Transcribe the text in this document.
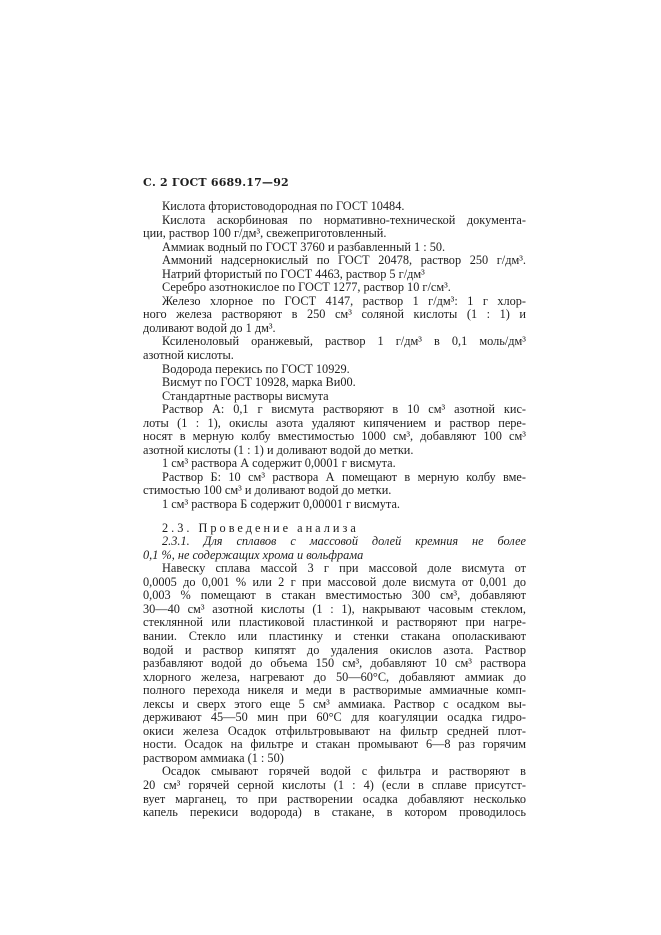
С. 2 ГОСТ 6689.17—92
Кислота фтористоводородная по ГОСТ 10484.
Кислота аскорбиновая по нормативно-технической документа-
ции, раствор 100 г/дм³, свежеприготовленный.
Аммиак водный по ГОСТ 3760 и разбавленный 1 : 50.
Аммоний надсернокислый по ГОСТ 20478, раствор 250 г/дм³.
Натрий фтористый по ГОСТ 4463, раствор 5 г/дм³
Серебро азотнокислое по ГОСТ 1277, раствор 10 г/см³.
Железо хлорное по ГОСТ 4147, раствор 1 г/дм³: 1 г хлор-
ного железа растворяют в 250 см³ соляной кислоты (1 : 1) и
доливают водой до 1 дм³.
Ксиленоловый оранжевый, раствор 1 г/дм³ в 0,1 моль/дм³
азотной кислоты.
Водорода перекись по ГОСТ 10929.
Висмут по ГОСТ 10928, марка Ви00.
Стандартные растворы висмута
Раствор А: 0,1 г висмута растворяют в 10 см³ азотной кис-
лоты (1 : 1), окислы азота удаляют кипячением и раствор пере-
носят в мерную колбу вместимостью 1000 см³, добавляют 100 см³
азотной кислоты (1 : 1) и доливают водой до метки.
1 см³ раствора А содержит 0,0001 г висмута.
Раствор Б: 10 см³ раствора А помещают в мерную колбу вме-
стимостью 100 см³ и доливают водой до метки.
1 см³ раствора Б содержит 0,00001 г висмута.
2.3. Проведение анализа
2.3.1. Для сплавов с массовой долей кремния не более
0,1 %, не содержащих хрома и вольфрама
Навеску сплава массой 3 г при массовой доле висмута от
0,0005 до 0,001 % или 2 г при массовой доле висмута от 0,001 до
0,003 % помещают в стакан вместимостью 300 см³, добавляют
30—40 см³ азотной кислоты (1 : 1), накрывают часовым стеклом,
стеклянной или пластиковой пластинкой и растворяют при нагре-
вании. Стекло или пластинку и стенки стакана ополаскивают
водой и раствор кипятят до удаления окислов азота. Раствор
разбавляют водой до объема 150 см³, добавляют 10 см³ раствора
хлорного железа, нагревают до 50—60°С, добавляют аммиак до
полного перехода никеля и меди в растворимые аммиачные комп-
лексы и сверх этого еще 5 см³ аммиака. Раствор с осадком вы-
держивают 45—50 мин при 60°С для коагуляции осадка гидро-
окиси железа Осадок отфильтровывают на фильтр средней плот-
ности. Осадок на фильтре и стакан промывают 6—8 раз горячим
раствором аммиака (1 : 50)
Осадок смывают горячей водой с фильтра и растворяют в
20 см³ горячей серной кислоты (1 : 4) (если в сплаве присутст-
вует марганец, то при растворении осадка добавляют несколько
капель перекиси водорода) в стакане, в котором проводилось
